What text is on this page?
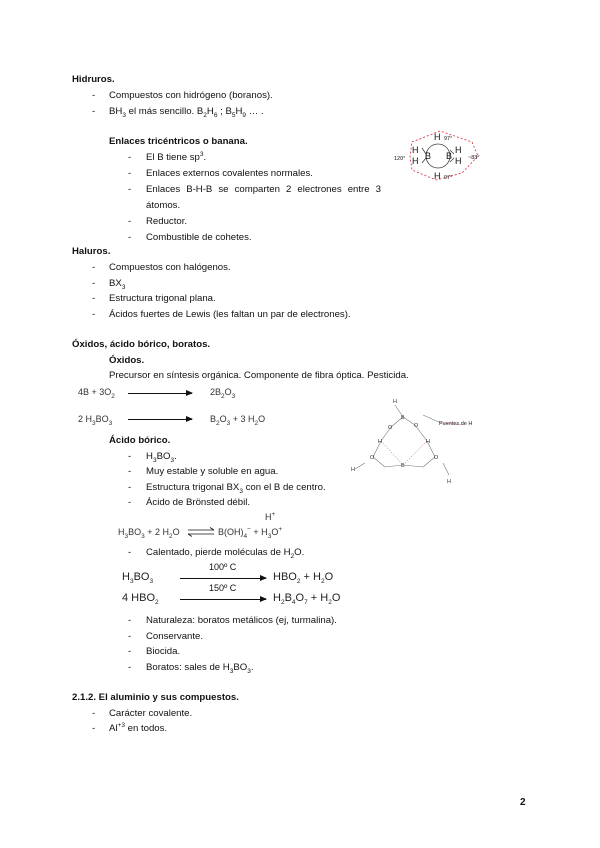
Hidruros.
- Compuestos con hidrógeno (boranos).
- $BH_3$ el más sencillo. $B_2H_6$ ; $B_5H_9$ … .
Enlaces tricéntricos o banana.
- El B tiene $sp^3$.
- Enlaces externos covalentes normales.
- Enlaces B-H-B se comparten 2 electrones entre 3
átomos.
- Reductor.
- Combustible de cohetes.
H 97°
H
H
120° B B
H
H ~83°
H 97°
Haluros.
- Compuestos con halógenos.
- $BX_3$
- Estructura trigonal plana.
- Ácidos fuertes de Lewis (les faltan un par de electrones).
Óxidos, ácido bórico, boratos.
Óxidos.
Precursor en síntesis orgánica. Componente de fibra óptica. Pesticida.
$4B + 3O_2$	$2B_2O_3$
2 $H_3BO_3$	$B_2O_3 + 3$ $H_2O$
H
B
O	O
H	H
O	O
B
H
H
Puentes de H
Ácido bórico.
- $H_3BO_3$.
- Muy estable y soluble en agua.
- Estructura trigonal $BX_3$ con el B de centro.
- Ácido de Brönsted débil.
H+
$H_3BO_3 + 2$ $H_2O$	$B(OH)_4^- + H_3O^+$
- Calentado, pierde moléculas de $H_2O$.
100º C
$H_3BO_3$	$HBO_2 + H_2O$
150º C
4 $HBO_2$	$H_2B_4O_7 + H_2O$
- Naturaleza: boratos metálicos (ej, turmalina).
- Conservante.
- Biocida.
- Boratos: sales de $H_3BO_3$.
2.1.2. El aluminio y sus compuestos.
- Carácter covalente.
- $Al^{+3}$ en todos.
2
